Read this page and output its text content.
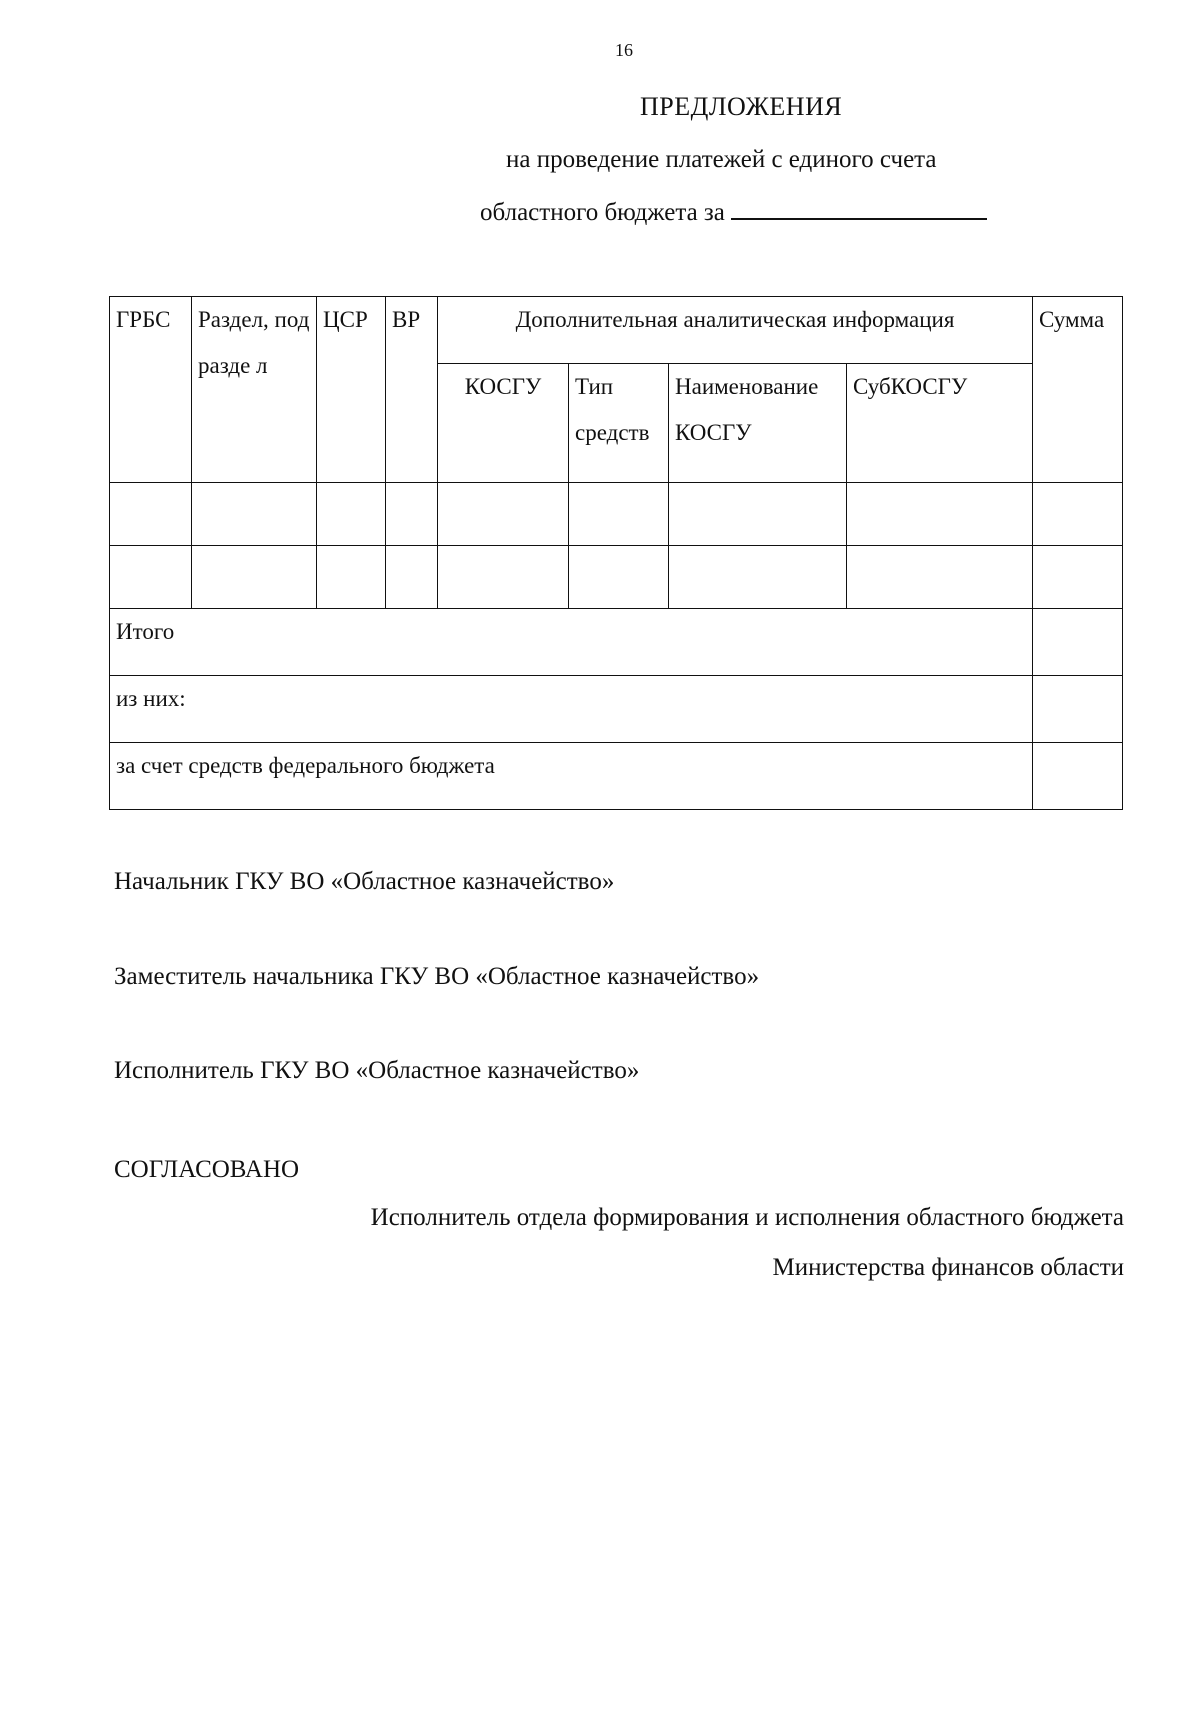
16
ПРЕДЛОЖЕНИЯ
на проведение платежей с единого счета
областного бюджета за
ГРБС	Раздел, подразде л	ЦСР	ВР	Дополнительная аналитическая информация				Сумма
				КОСГУ	Тип средств	Наименование КОСГУ	СубКОСГУ	

Итого								
из них:								
за счет средств федерального бюджета								
Начальник ГКУ ВО «Областное казначейство»
Заместитель начальника ГКУ ВО «Областное казначейство»
Исполнитель ГКУ ВО «Областное казначейство»
СОГЛАСОВАНО
Исполнитель отдела формирования и исполнения областного бюджета
Министерства финансов области
